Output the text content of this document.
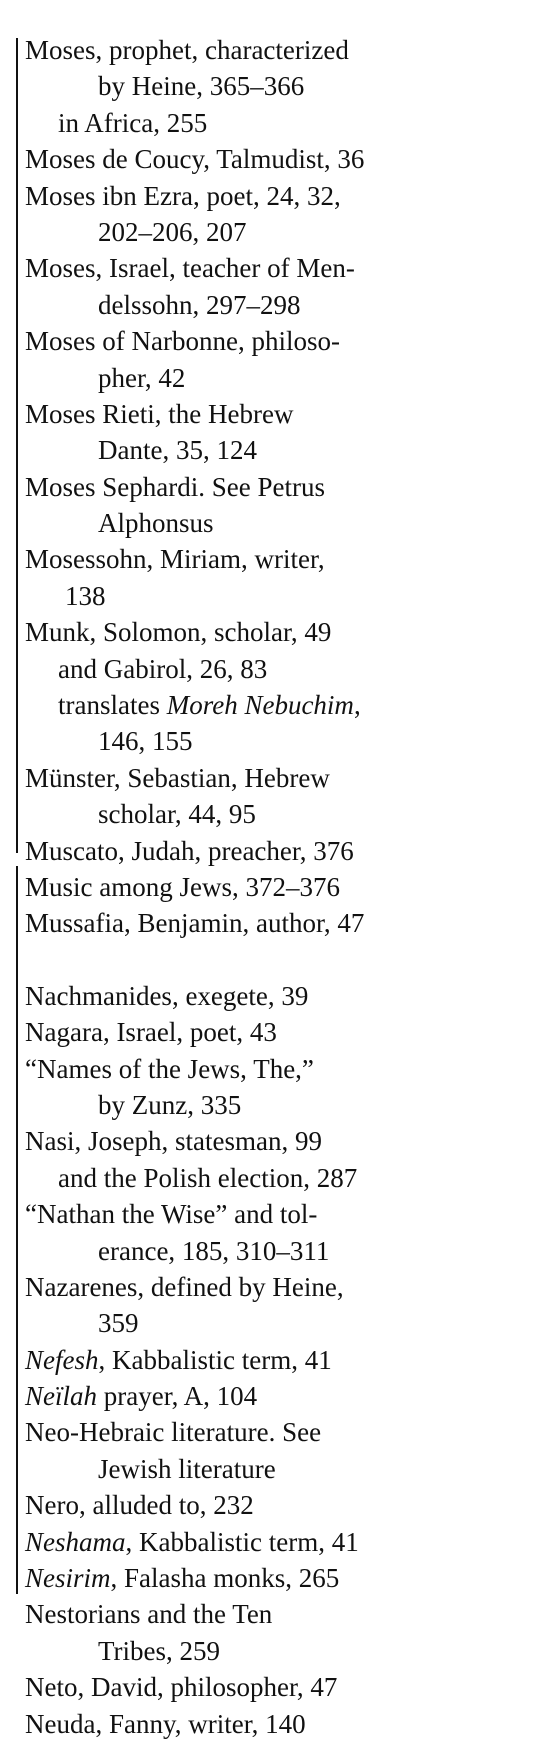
Moses, prophet, characterized
by Heine, 365–366
in Africa, 255
Moses de Coucy, Talmudist, 36
Moses ibn Ezra, poet, 24, 32,
202–206, 207
Moses, Israel, teacher of Men-
delssohn, 297–298
Moses of Narbonne, philoso-
pher, 42
Moses Rieti, the Hebrew
Dante, 35, 124
Moses Sephardi. See Petrus
Alphonsus
Mosessohn, Miriam, writer,
138
Munk, Solomon, scholar, 49
and Gabirol, 26, 83
translates Moreh Nebuchim,
146, 155
Münster, Sebastian, Hebrew
scholar, 44, 95
Muscato, Judah, preacher, 376
Music among Jews, 372–376
Mussafia, Benjamin, author, 47
Nachmanides, exegete, 39
Nagara, Israel, poet, 43
“Names of the Jews, The,”
by Zunz, 335
Nasi, Joseph, statesman, 99
and the Polish election, 287
“Nathan the Wise” and tol-
erance, 185, 310–311
Nazarenes, defined by Heine,
359
Nefesh, Kabbalistic term, 41
Neïlah prayer, A, 104
Neo-Hebraic literature. See
Jewish literature
Nero, alluded to, 232
Neshama, Kabbalistic term, 41
Nesirim, Falasha monks, 265
Nestorians and the Ten
Tribes, 259
Neto, David, philosopher, 47
Neuda, Fanny, writer, 140
